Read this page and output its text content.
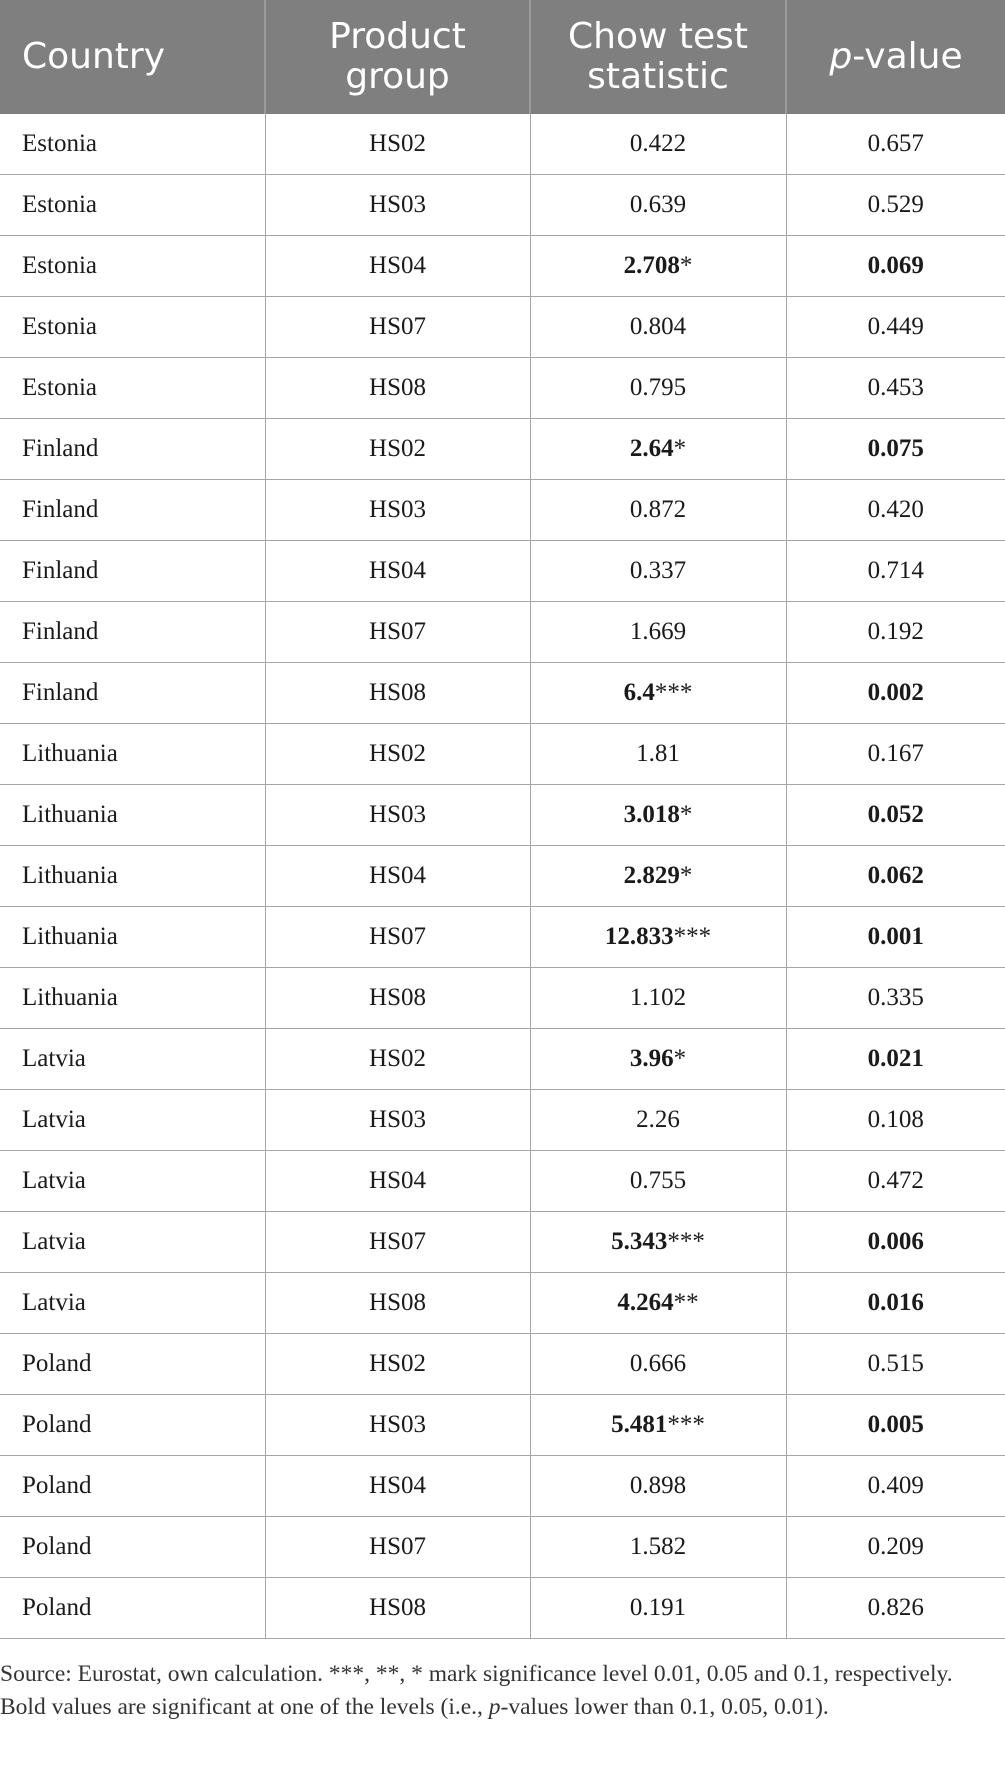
Country	Product group	Chow test statistic	p-value
Estonia	HS02	0.422	0.657
Estonia	HS03	0.639	0.529
Estonia	HS04	2.708*	0.069
Estonia	HS07	0.804	0.449
Estonia	HS08	0.795	0.453
Finland	HS02	2.64*	0.075
Finland	HS03	0.872	0.420
Finland	HS04	0.337	0.714
Finland	HS07	1.669	0.192
Finland	HS08	6.4***	0.002
Lithuania	HS02	1.81	0.167
Lithuania	HS03	3.018*	0.052
Lithuania	HS04	2.829*	0.062
Lithuania	HS07	12.833***	0.001
Lithuania	HS08	1.102	0.335
Latvia	HS02	3.96*	0.021
Latvia	HS03	2.26	0.108
Latvia	HS04	0.755	0.472
Latvia	HS07	5.343***	0.006
Latvia	HS08	4.264**	0.016
Poland	HS02	0.666	0.515
Poland	HS03	5.481***	0.005
Poland	HS04	0.898	0.409
Poland	HS07	1.582	0.209
Poland	HS08	0.191	0.826
Source: Eurostat, own calculation. ***, **, * mark significance level 0.01, 0.05 and 0.1, respectively. Bold values are significant at one of the levels (i.e., p-values lower than 0.1, 0.05, 0.01).
